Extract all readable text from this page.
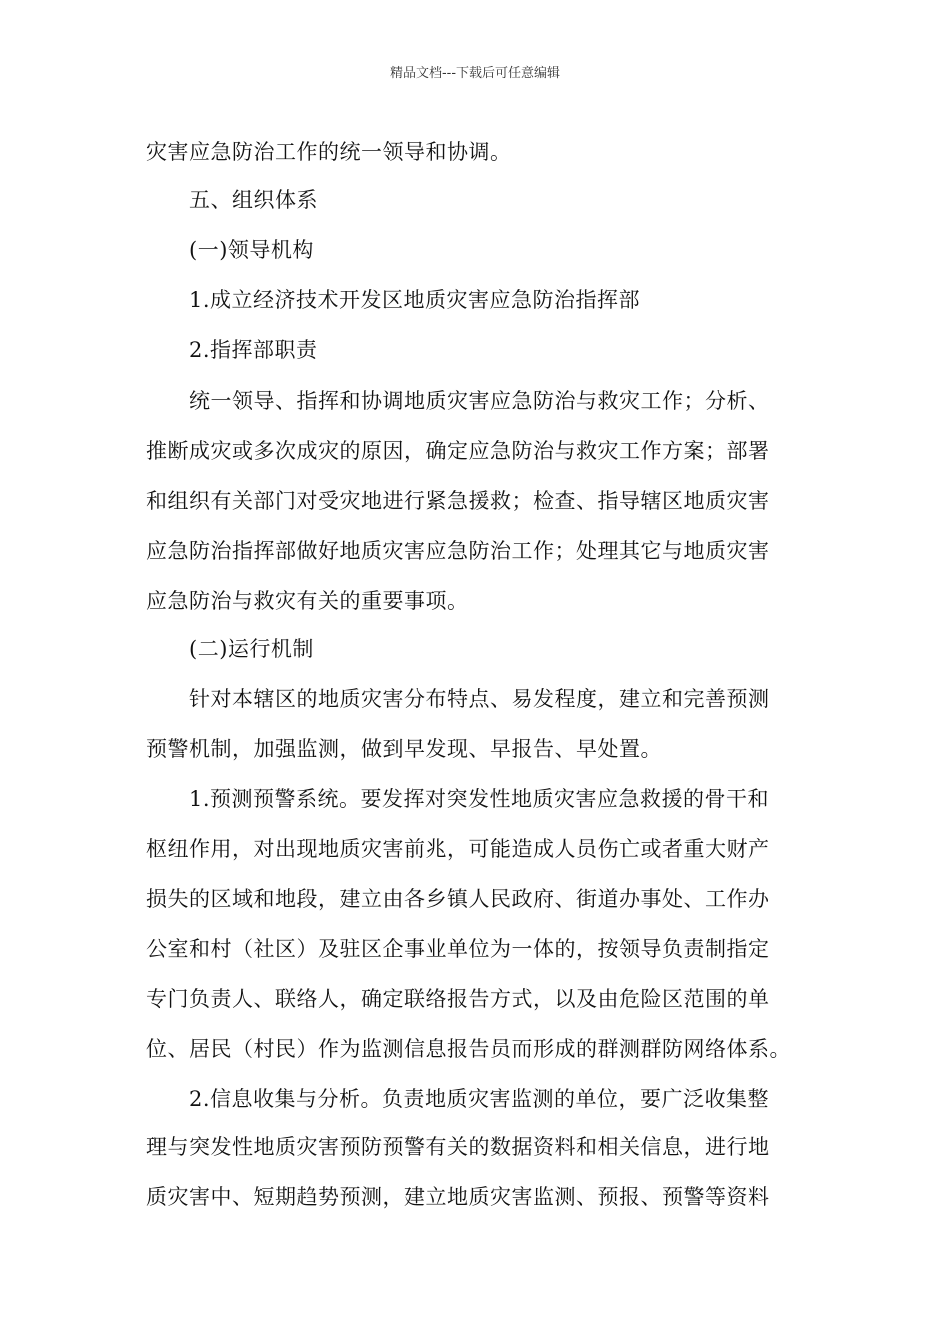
精品文档---下载后可任意编辑
灾害应急防治工作的统一领导和协调。
五、组织体系
(一)领导机构
1.成立经济技术开发区地质灾害应急防治指挥部
2.指挥部职责
统一领导、指挥和协调地质灾害应急防治与救灾工作；分析、
推断成灾或多次成灾的原因，确定应急防治与救灾工作方案；部署
和组织有关部门对受灾地进行紧急援救；检查、指导辖区地质灾害
应急防治指挥部做好地质灾害应急防治工作；处理其它与地质灾害
应急防治与救灾有关的重要事项。
(二)运行机制
针对本辖区的地质灾害分布特点、易发程度，建立和完善预测
预警机制，加强监测，做到早发现、早报告、早处置。
1.预测预警系统。要发挥对突发性地质灾害应急救援的骨干和
枢纽作用，对出现地质灾害前兆，可能造成人员伤亡或者重大财产
损失的区域和地段，建立由各乡镇人民政府、街道办事处、工作办
公室和村（社区）及驻区企事业单位为一体的，按领导负责制指定
专门负责人、联络人，确定联络报告方式，以及由危险区范围的单
位、居民（村民）作为监测信息报告员而形成的群测群防网络体系。
2.信息收集与分析。负责地质灾害监测的单位，要广泛收集整
理与突发性地质灾害预防预警有关的数据资料和相关信息，进行地
质灾害中、短期趋势预测，建立地质灾害监测、预报、预警等资料
